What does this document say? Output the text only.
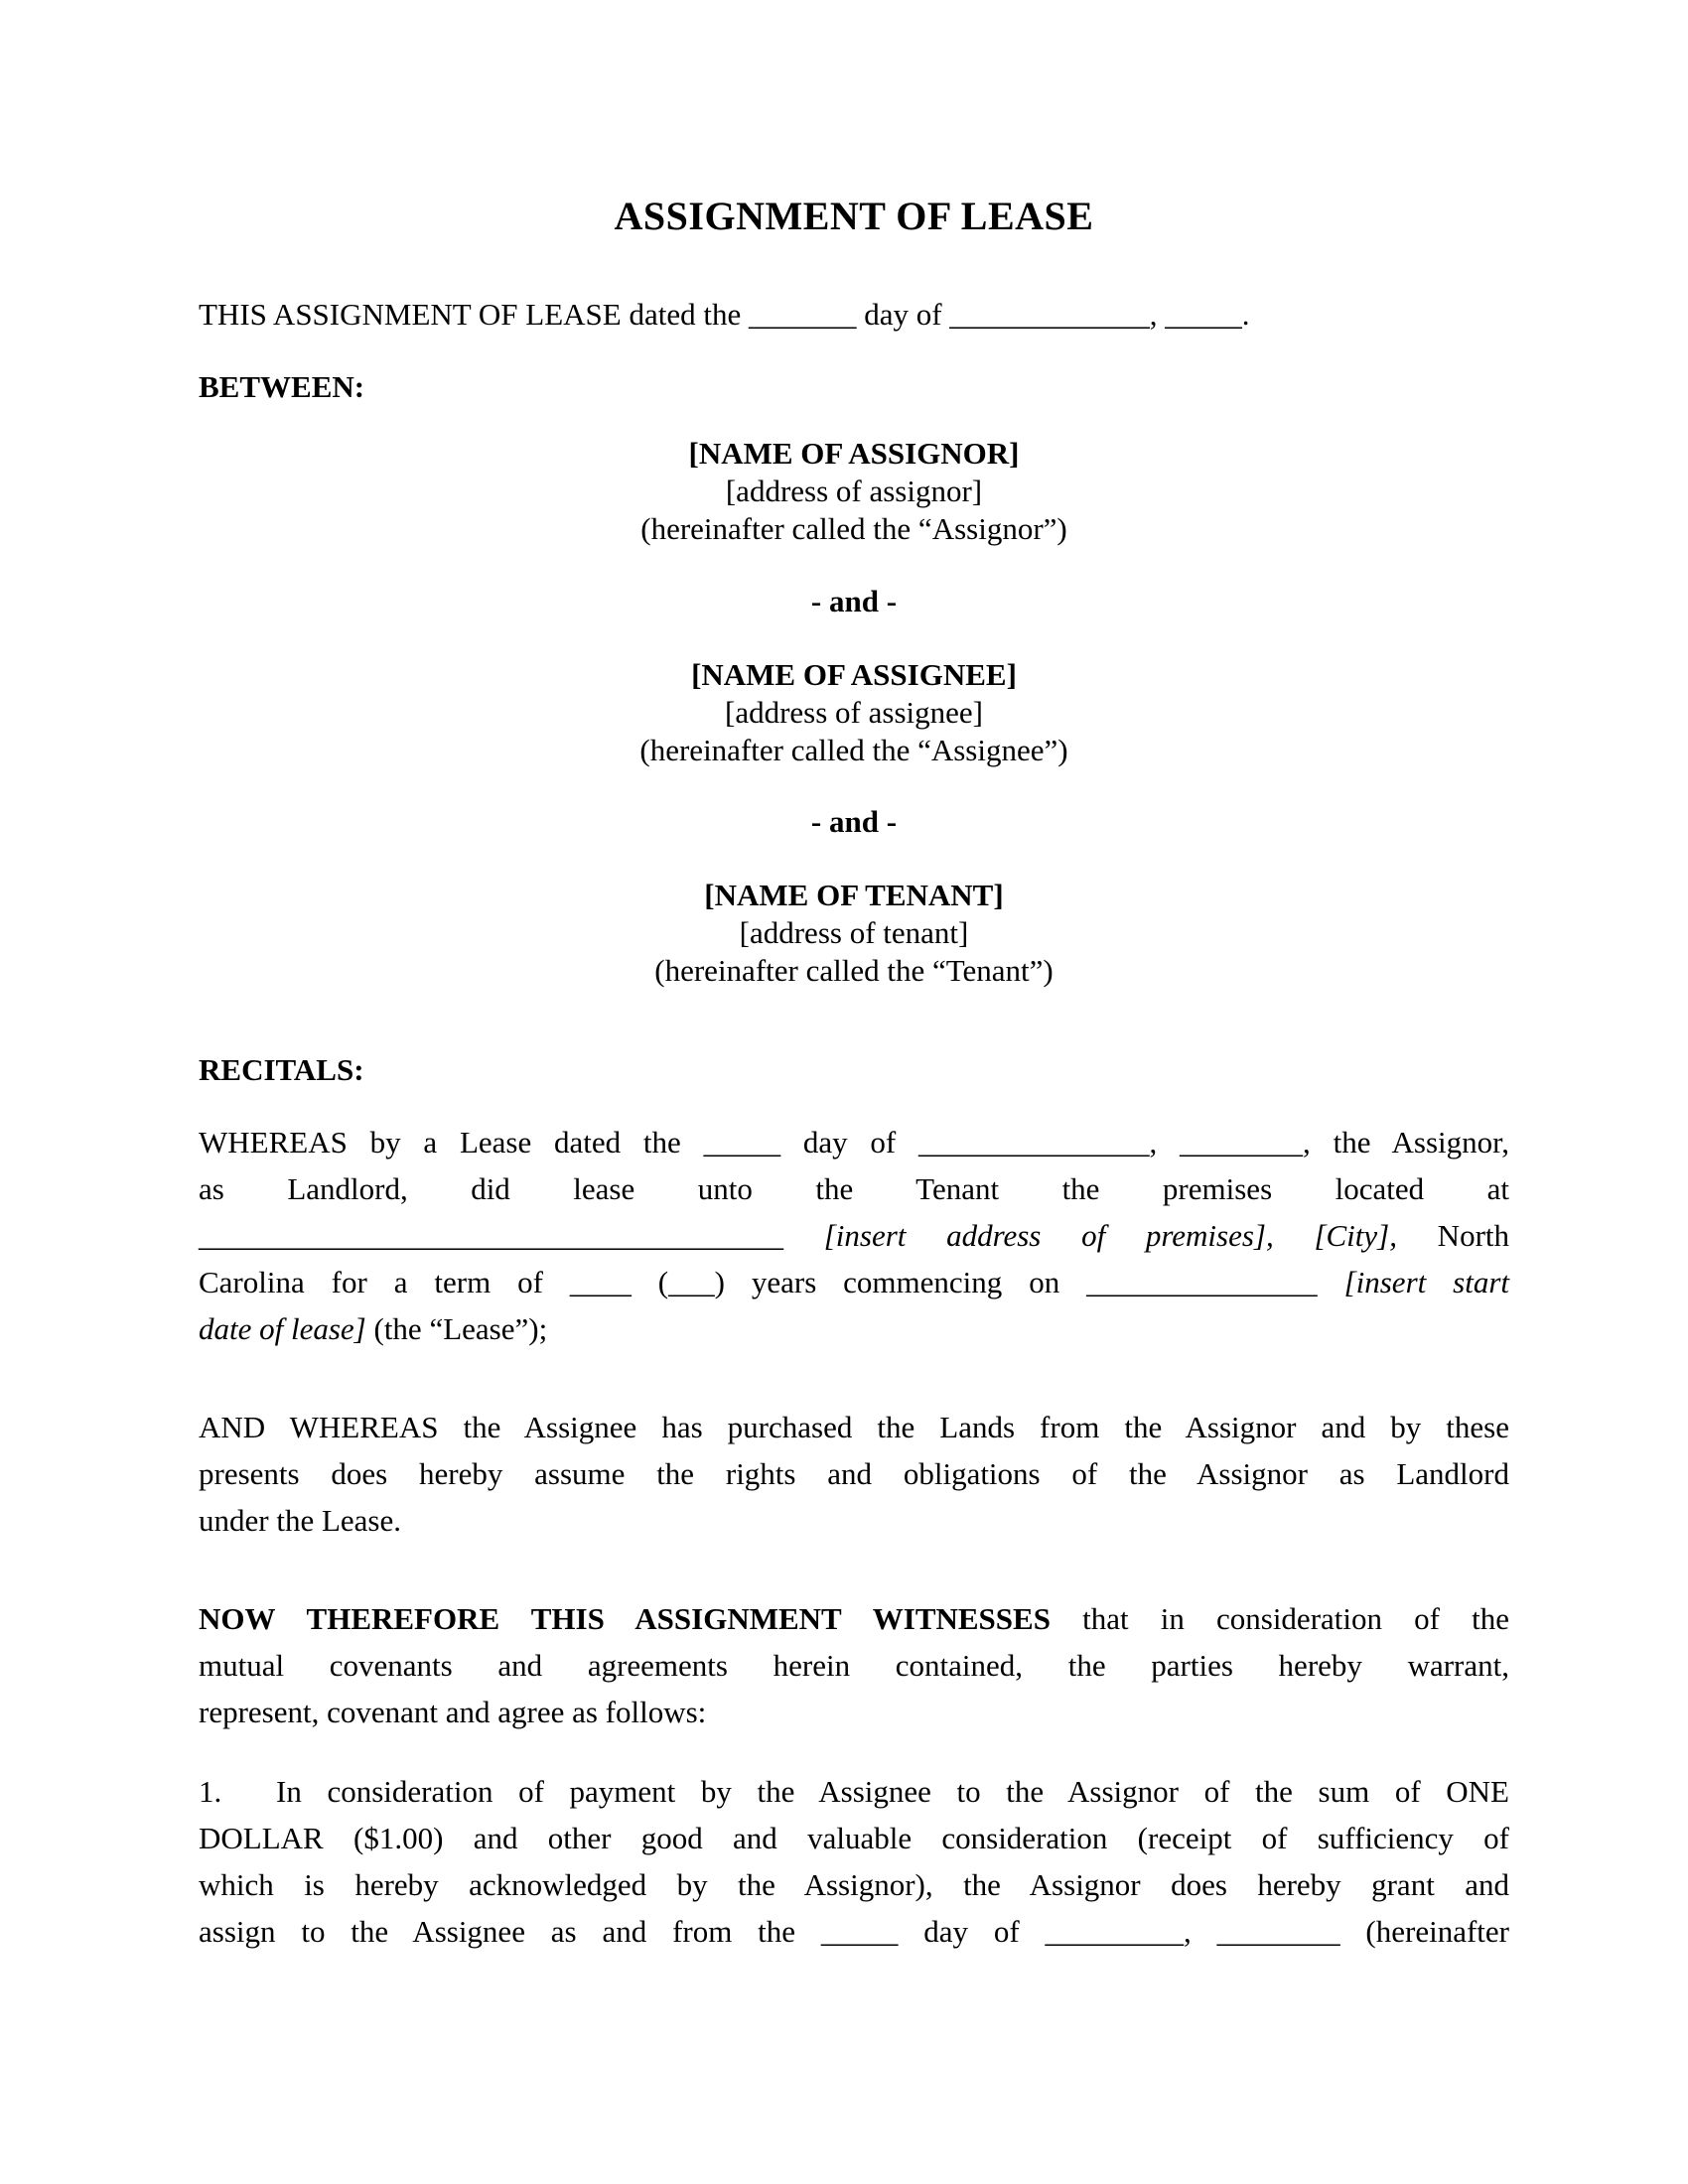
ASSIGNMENT OF LEASE

THIS ASSIGNMENT OF LEASE dated the _______ day of _____________, _____.

BETWEEN:

[NAME OF ASSIGNOR]
[address of assignor]
(hereinafter called the “Assignor”)
- and -
[NAME OF ASSIGNEE]
[address of assignee]
(hereinafter called the “Assignee”)
- and -
[NAME OF TENANT]
[address of tenant]
(hereinafter called the “Tenant”)

RECITALS:

WHEREAS by a Lease dated the _____ day of _______________, ________, the Assignor,
as Landlord, did lease unto the Tenant the premises located at
______________________________________ [insert address of premises], [City], North
Carolina for a term of ____ (___) years commencing on _______________ [insert start
date of lease] (the “Lease”);
AND WHEREAS the Assignee has purchased the Lands from the Assignor and by these
presents does hereby assume the rights and obligations of the Assignor as Landlord
under the Lease.
NOW THEREFORE THIS ASSIGNMENT WITNESSES that in consideration of the
mutual covenants and agreements herein contained, the parties hereby warrant,
represent, covenant and agree as follows:
1. In consideration of payment by the Assignee to the Assignor of the sum of ONE
DOLLAR ($1.00) and other good and valuable consideration (receipt of sufficiency of
which is hereby acknowledged by the Assignor), the Assignor does hereby grant and
assign to the Assignee as and from the _____ day of _________, ________ (hereinafter
